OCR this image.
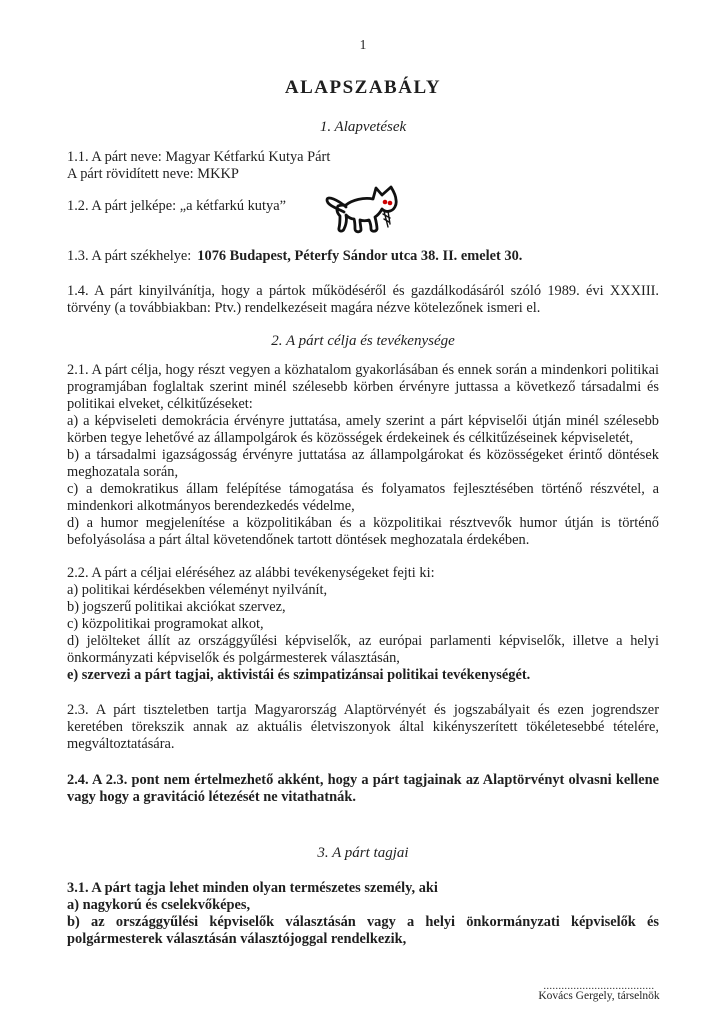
1
ALAPSZABÁLY
1. Alapvetések
1.1. A párt neve: Magyar Kétfarkú Kutya Párt
A párt rövidített neve: MKKP
1.2. A párt jelképe: „a kétfarkú kutya”
1.3. A párt székhelye: 1076 Budapest, Péterfy Sándor utca 38. II. emelet 30.
1.4. A párt kinyilvánítja, hogy a pártok működéséről és gazdálkodásáról szóló 1989. évi XXXIII. törvény (a továbbiakban: Ptv.) rendelkezéseit magára nézve kötelezőnek ismeri el.
2. A párt célja és tevékenysége
2.1. A párt célja, hogy részt vegyen a közhatalom gyakorlásában és ennek során a mindenkori politikai programjában foglaltak szerint minél szélesebb körben érvényre juttassa a következő társadalmi és politikai elveket, célkitűzéseket:
a) a képviseleti demokrácia érvényre juttatása, amely szerint a párt képviselői útján minél szélesebb körben tegye lehetővé az állampolgárok és közösségek érdekeinek és célkitűzéseinek képviseletét,
b) a társadalmi igazságosság érvényre juttatása az állampolgárokat és közösségeket érintő döntések meghozatala során,
c) a demokratikus állam felépítése támogatása és folyamatos fejlesztésében történő részvétel, a mindenkori alkotmányos berendezkedés védelme,
d) a humor megjelenítése a közpolitikában és a közpolitikai résztvevők humor útján is történő befolyásolása a párt által követendőnek tartott döntések meghozatala érdekében.
2.2. A párt a céljai eléréséhez az alábbi tevékenységeket fejti ki:
a) politikai kérdésekben véleményt nyilvánít,
b) jogszerű politikai akciókat szervez,
c) közpolitikai programokat alkot,
d) jelölteket állít az országgyűlési képviselők, az európai parlamenti képviselők, illetve a helyi önkormányzati képviselők és polgármesterek választásán,
e) szervezi a párt tagjai, aktivistái és szimpatizánsai politikai tevékenységét.
2.3. A párt tiszteletben tartja Magyarország Alaptörvényét és jogszabályait és ezen jogrendszer keretében törekszik annak az aktuális életviszonyok által kikényszerített tökéletesebbé tételére, megváltoztatására.
2.4. A 2.3. pont nem értelmezhető akként, hogy a párt tagjainak az Alaptörvényt olvasni kellene vagy hogy a gravitáció létezését ne vitathatnák.
3. A párt tagjai
3.1. A párt tagja lehet minden olyan természetes személy, aki
a) nagykorú és cselekvőképes,
b) az országgyűlési képviselők választásán vagy a helyi önkormányzati képviselők és polgármesterek választásán választójoggal rendelkezik,
.....................................
Kovács Gergely, társelnök
